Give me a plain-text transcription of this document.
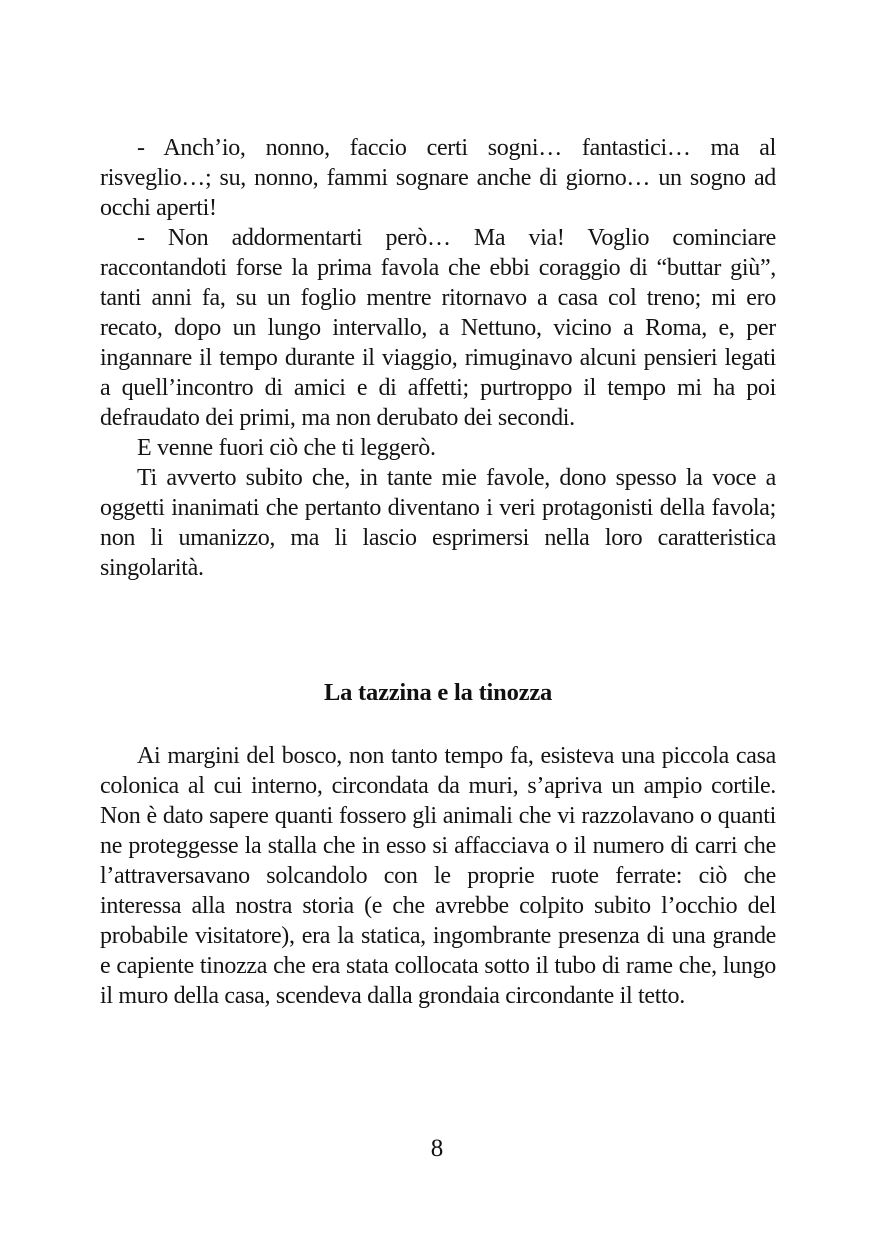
- Anch’io, nonno, faccio certi sogni… fantastici… ma al risveglio…; su, nonno, fammi sognare anche di giorno… un sogno ad occhi aperti!

- Non addormentarti però… Ma via! Voglio cominciare raccontandoti forse la prima favola che ebbi coraggio di “buttar giù”, tanti anni fa, su un foglio mentre ritornavo a casa col treno; mi ero recato, dopo un lungo intervallo, a Nettuno, vicino a Roma, e, per ingannare il tempo durante il viaggio, rimuginavo alcuni pensieri legati a quell’incontro di amici e di affetti; purtroppo il tempo mi ha poi defraudato dei primi, ma non derubato dei secondi.

E venne fuori ciò che ti leggerò.

Ti avverto subito che, in tante mie favole, dono spesso la voce a oggetti inanimati che pertanto diventano i veri protagonisti della favola; non li umanizzo, ma li lascio esprimersi nella loro caratteristica singolarità.

La tazzina e la tinozza

Ai margini del bosco, non tanto tempo fa, esisteva una piccola casa colonica al cui interno, circondata da muri, s’apriva un ampio cortile. Non è dato sapere quanti fossero gli animali che vi razzolavano o quanti ne proteggesse la stalla che in esso si affacciava o il numero di carri che l’attraversavano solcandolo con le proprie ruote ferrate: ciò che interessa alla nostra storia (e che avrebbe colpito subito l’occhio del probabile visitatore), era la statica, ingombrante presenza di una grande e capiente tinozza che era stata collocata sotto il tubo di rame che, lungo il muro della casa, scendeva dalla grondaia circondante il tetto.

8
